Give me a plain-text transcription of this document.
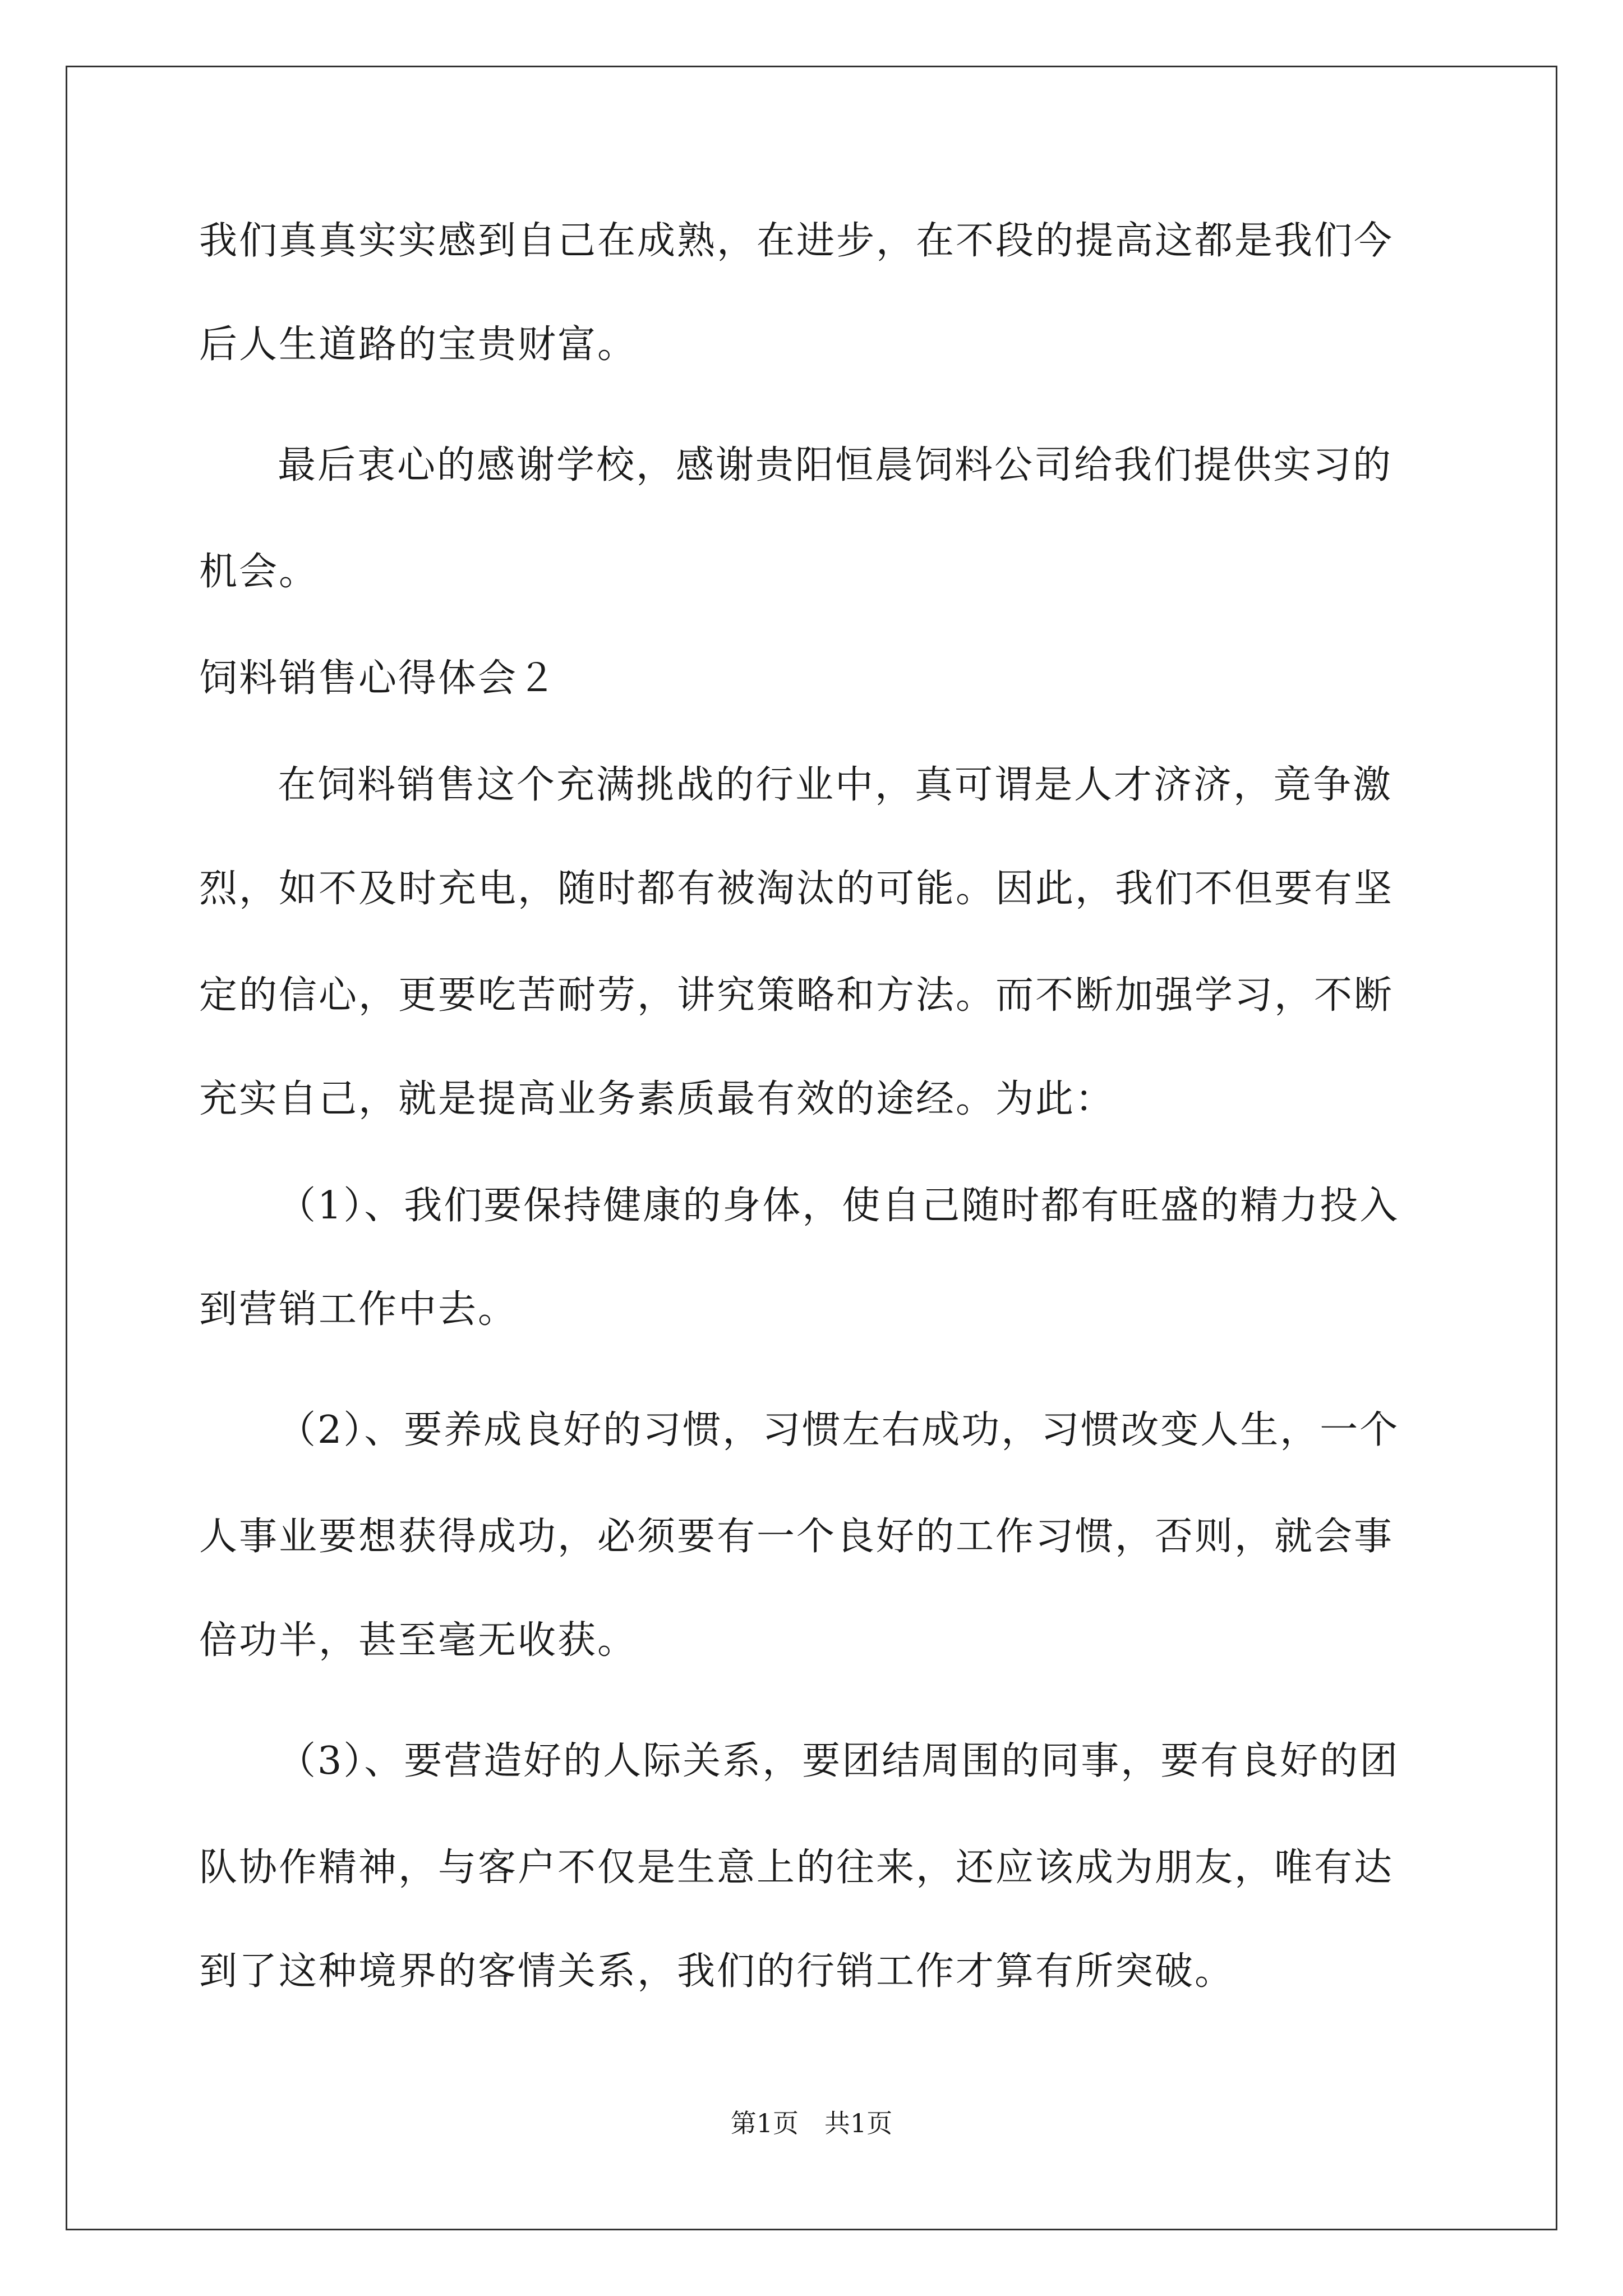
我们真真实实感到自己在成熟，在进步，在不段的提高这都是我们今
后人生道路的宝贵财富。
最后衷心的感谢学校，感谢贵阳恒晨饲料公司给我们提供实习的
机会。
饲料销售心得体会２
在饲料销售这个充满挑战的行业中，真可谓是人才济济，竟争激
烈，如不及时充电，随时都有被淘汰的可能。因此，我们不但要有坚
定的信心，更要吃苦耐劳，讲究策略和方法。而不断加强学习，不断
充实自己，就是提高业务素质最有效的途经。为此：
（1）、我们要保持健康的身体，使自己随时都有旺盛的精力投入
到营销工作中去。
（2）、要养成良好的习惯，习惯左右成功，习惯改变人生，一个
人事业要想获得成功，必须要有一个良好的工作习惯，否则，就会事
倍功半，甚至毫无收获。
（3）、要营造好的人际关系，要团结周围的同事，要有良好的团
队协作精神，与客户不仅是生意上的往来，还应该成为朋友，唯有达
到了这种境界的客情关系，我们的行销工作才算有所突破。
第1页　共1页
